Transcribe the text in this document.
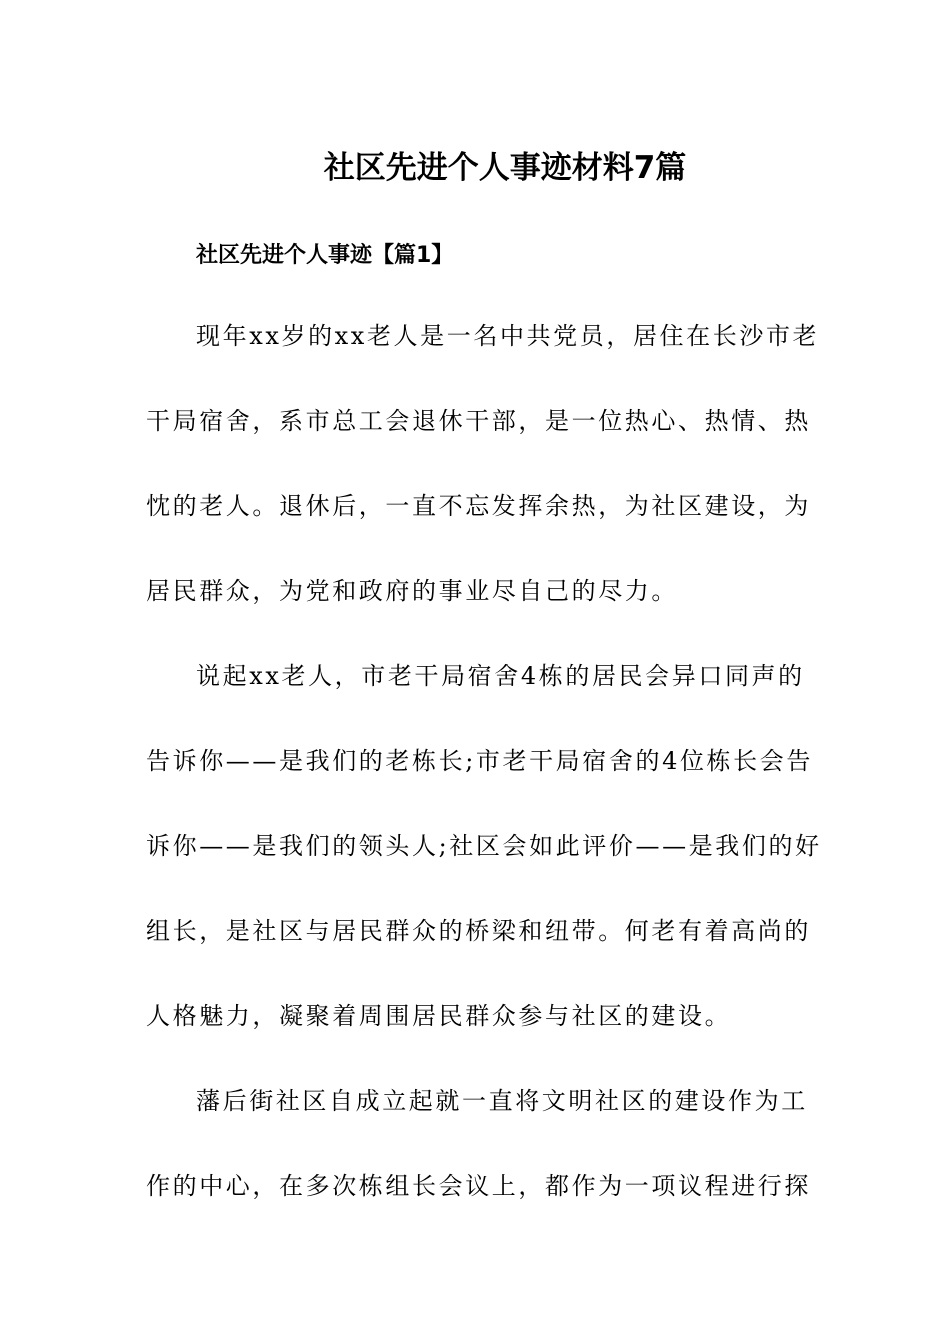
社区先进个人事迹材料7篇
社区先进个人事迹【篇1】
现年xx岁的xx老人是一名中共党员，居住在长沙市老
干局宿舍，系市总工会退休干部，是一位热心、热情、热
忱的老人。退休后，一直不忘发挥余热，为社区建设，为
居民群众，为党和政府的事业尽自己的尽力。
说起xx老人，市老干局宿舍4栋的居民会异口同声的
告诉你——是我们的老栋长;市老干局宿舍的4位栋长会告
诉你——是我们的领头人;社区会如此评价——是我们的好
组长，是社区与居民群众的桥梁和纽带。何老有着高尚的
人格魅力，凝聚着周围居民群众参与社区的建设。
藩后街社区自成立起就一直将文明社区的建设作为工
作的中心，在多次栋组长会议上，都作为一项议程进行探
